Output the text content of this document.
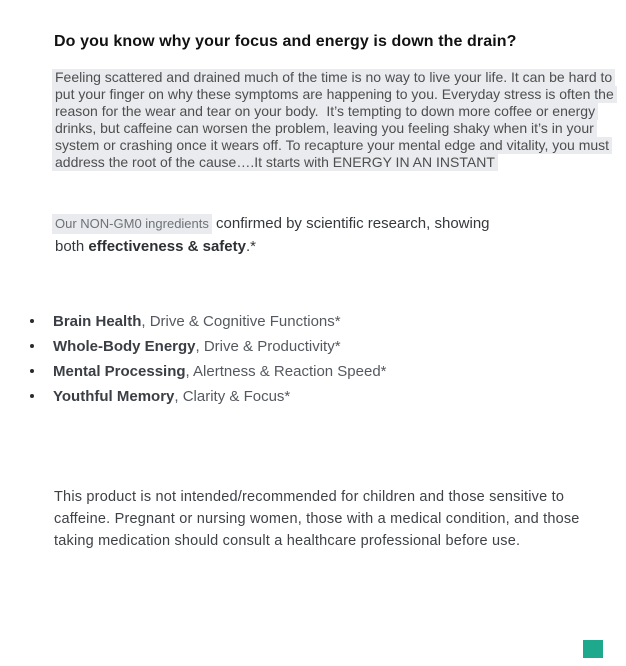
Do you know why your focus and energy is down the drain?
Feeling scattered and drained much of the time is no way to live your life. It can be hard to
put your finger on why these symptoms are happening to you. Everyday stress is often the
reason for the wear and tear on your body.  It’s tempting to down more coffee or energy
drinks, but caffeine can worsen the problem, leaving you feeling shaky when it’s in your
system or crashing once it wears off. To recapture your mental edge and vitality, you must
address the root of the cause….It starts with ENERGY IN AN INSTANT
Our NON-GM0 ingredients confirmed by scientific research, showing
both effectiveness & safety.*
Brain Health, Drive & Cognitive Functions*
Whole-Body Energy, Drive & Productivity*
Mental Processing, Alertness & Reaction Speed*
Youthful Memory, Clarity & Focus*
This product is not intended/recommended for children and those sensitive to
caffeine. Pregnant or nursing women, those with a medical condition, and those
taking medication should consult a healthcare professional before use.
